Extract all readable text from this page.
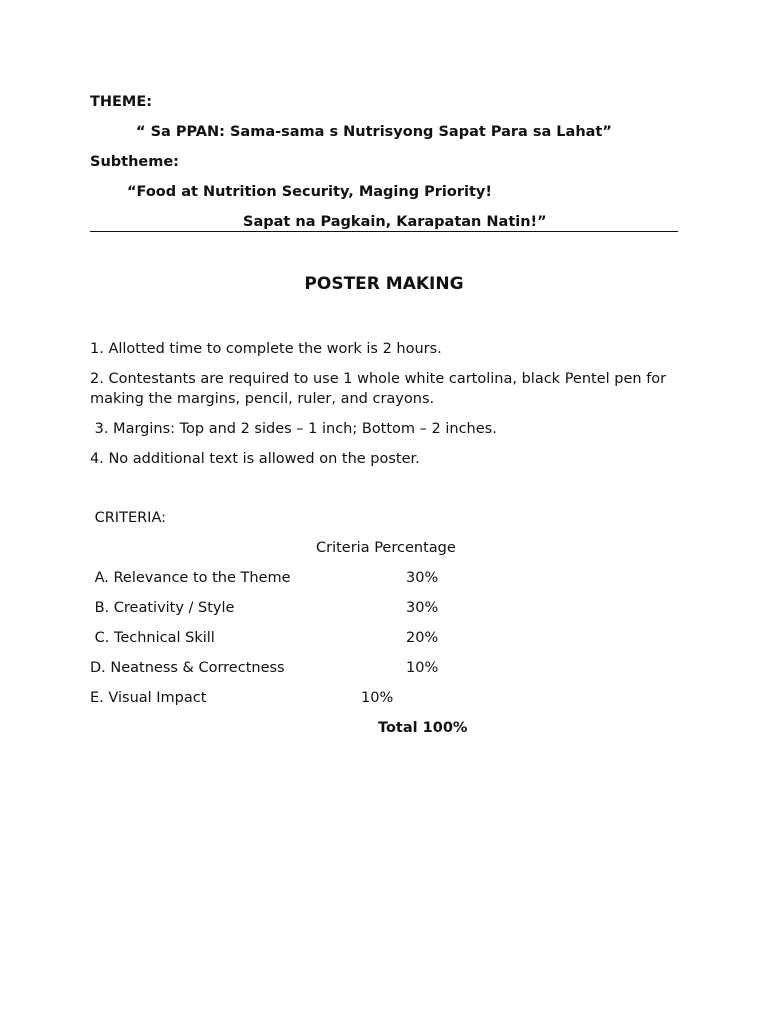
THEME:
“ Sa PPAN: Sama-sama s Nutrisyong Sapat Para sa Lahat”
Subtheme:
“Food at Nutrition Security, Maging Priority!
Sapat na Pagkain, Karapatan Natin!”
POSTER MAKING
1. Allotted time to complete the work is 2 hours.
2. Contestants are required to use 1 whole white cartolina, black Pentel pen for making the margins, pencil, ruler, and crayons.
3. Margins: Top and 2 sides – 1 inch; Bottom – 2 inches.
4. No additional text is allowed on the poster.
CRITERIA:
Criteria Percentage
A. Relevance to the Theme	30%
B. Creativity / Style	30%
C. Technical Skill	20%
D. Neatness & Correctness	10%
E. Visual Impact	10%
Total 100%
